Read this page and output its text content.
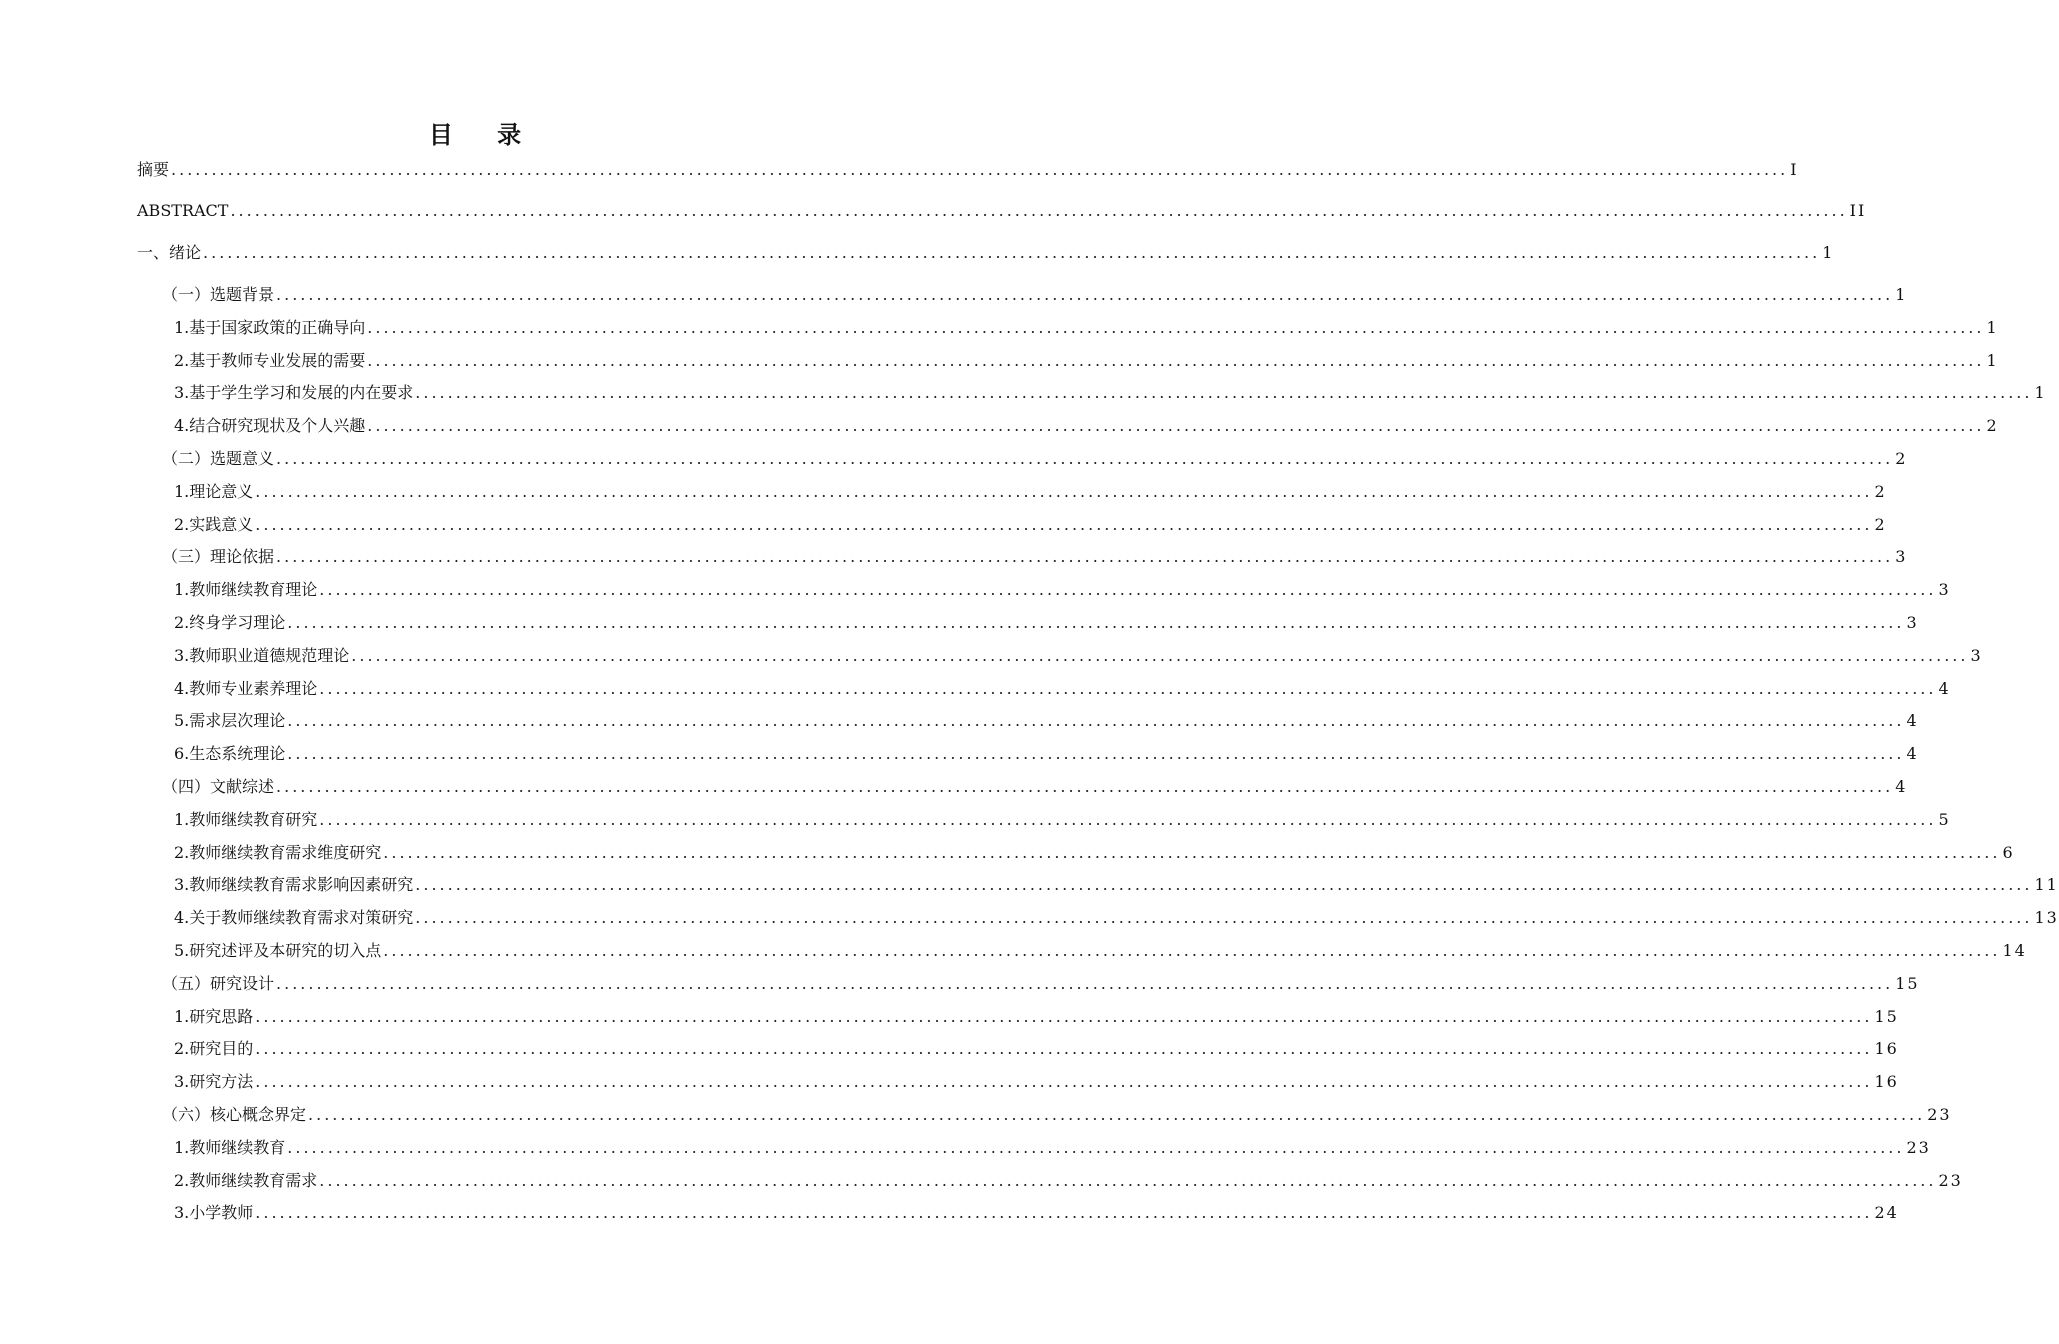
目 录
摘要 ........................................................................................................................................................................................................ I
ABSTRACT ........................................................................................................................................................................................................ II
一、绪论 ........................................................................................................................................................................................................ 1
（一）选题背景 ........................................................................................................................................................................................................ 1
1.基于国家政策的正确导向 ........................................................................................................................................................................................................ 1
2.基于教师专业发展的需要 ........................................................................................................................................................................................................ 1
3.基于学生学习和发展的内在要求 ........................................................................................................................................................................................................ 1
4.结合研究现状及个人兴趣 ........................................................................................................................................................................................................ 2
（二）选题意义 ........................................................................................................................................................................................................ 2
1.理论意义 ........................................................................................................................................................................................................ 2
2.实践意义 ........................................................................................................................................................................................................ 2
（三）理论依据 ........................................................................................................................................................................................................ 3
1.教师继续教育理论 ........................................................................................................................................................................................................ 3
2.终身学习理论 ........................................................................................................................................................................................................ 3
3.教师职业道德规范理论 ........................................................................................................................................................................................................ 3
4.教师专业素养理论 ........................................................................................................................................................................................................ 4
5.需求层次理论 ........................................................................................................................................................................................................ 4
6.生态系统理论 ........................................................................................................................................................................................................ 4
（四）文献综述 ........................................................................................................................................................................................................ 4
1.教师继续教育研究 ........................................................................................................................................................................................................ 5
2.教师继续教育需求维度研究 ........................................................................................................................................................................................................ 6
3.教师继续教育需求影响因素研究 ........................................................................................................................................................................................................ 11
4.关于教师继续教育需求对策研究 ........................................................................................................................................................................................................ 13
5.研究述评及本研究的切入点 ........................................................................................................................................................................................................ 14
（五）研究设计 ........................................................................................................................................................................................................ 15
1.研究思路 ........................................................................................................................................................................................................ 15
2.研究目的 ........................................................................................................................................................................................................ 16
3.研究方法 ........................................................................................................................................................................................................ 16
（六）核心概念界定 ........................................................................................................................................................................................................ 23
1.教师继续教育 ........................................................................................................................................................................................................ 23
2.教师继续教育需求 ........................................................................................................................................................................................................ 23
3.小学教师 ........................................................................................................................................................................................................ 24
